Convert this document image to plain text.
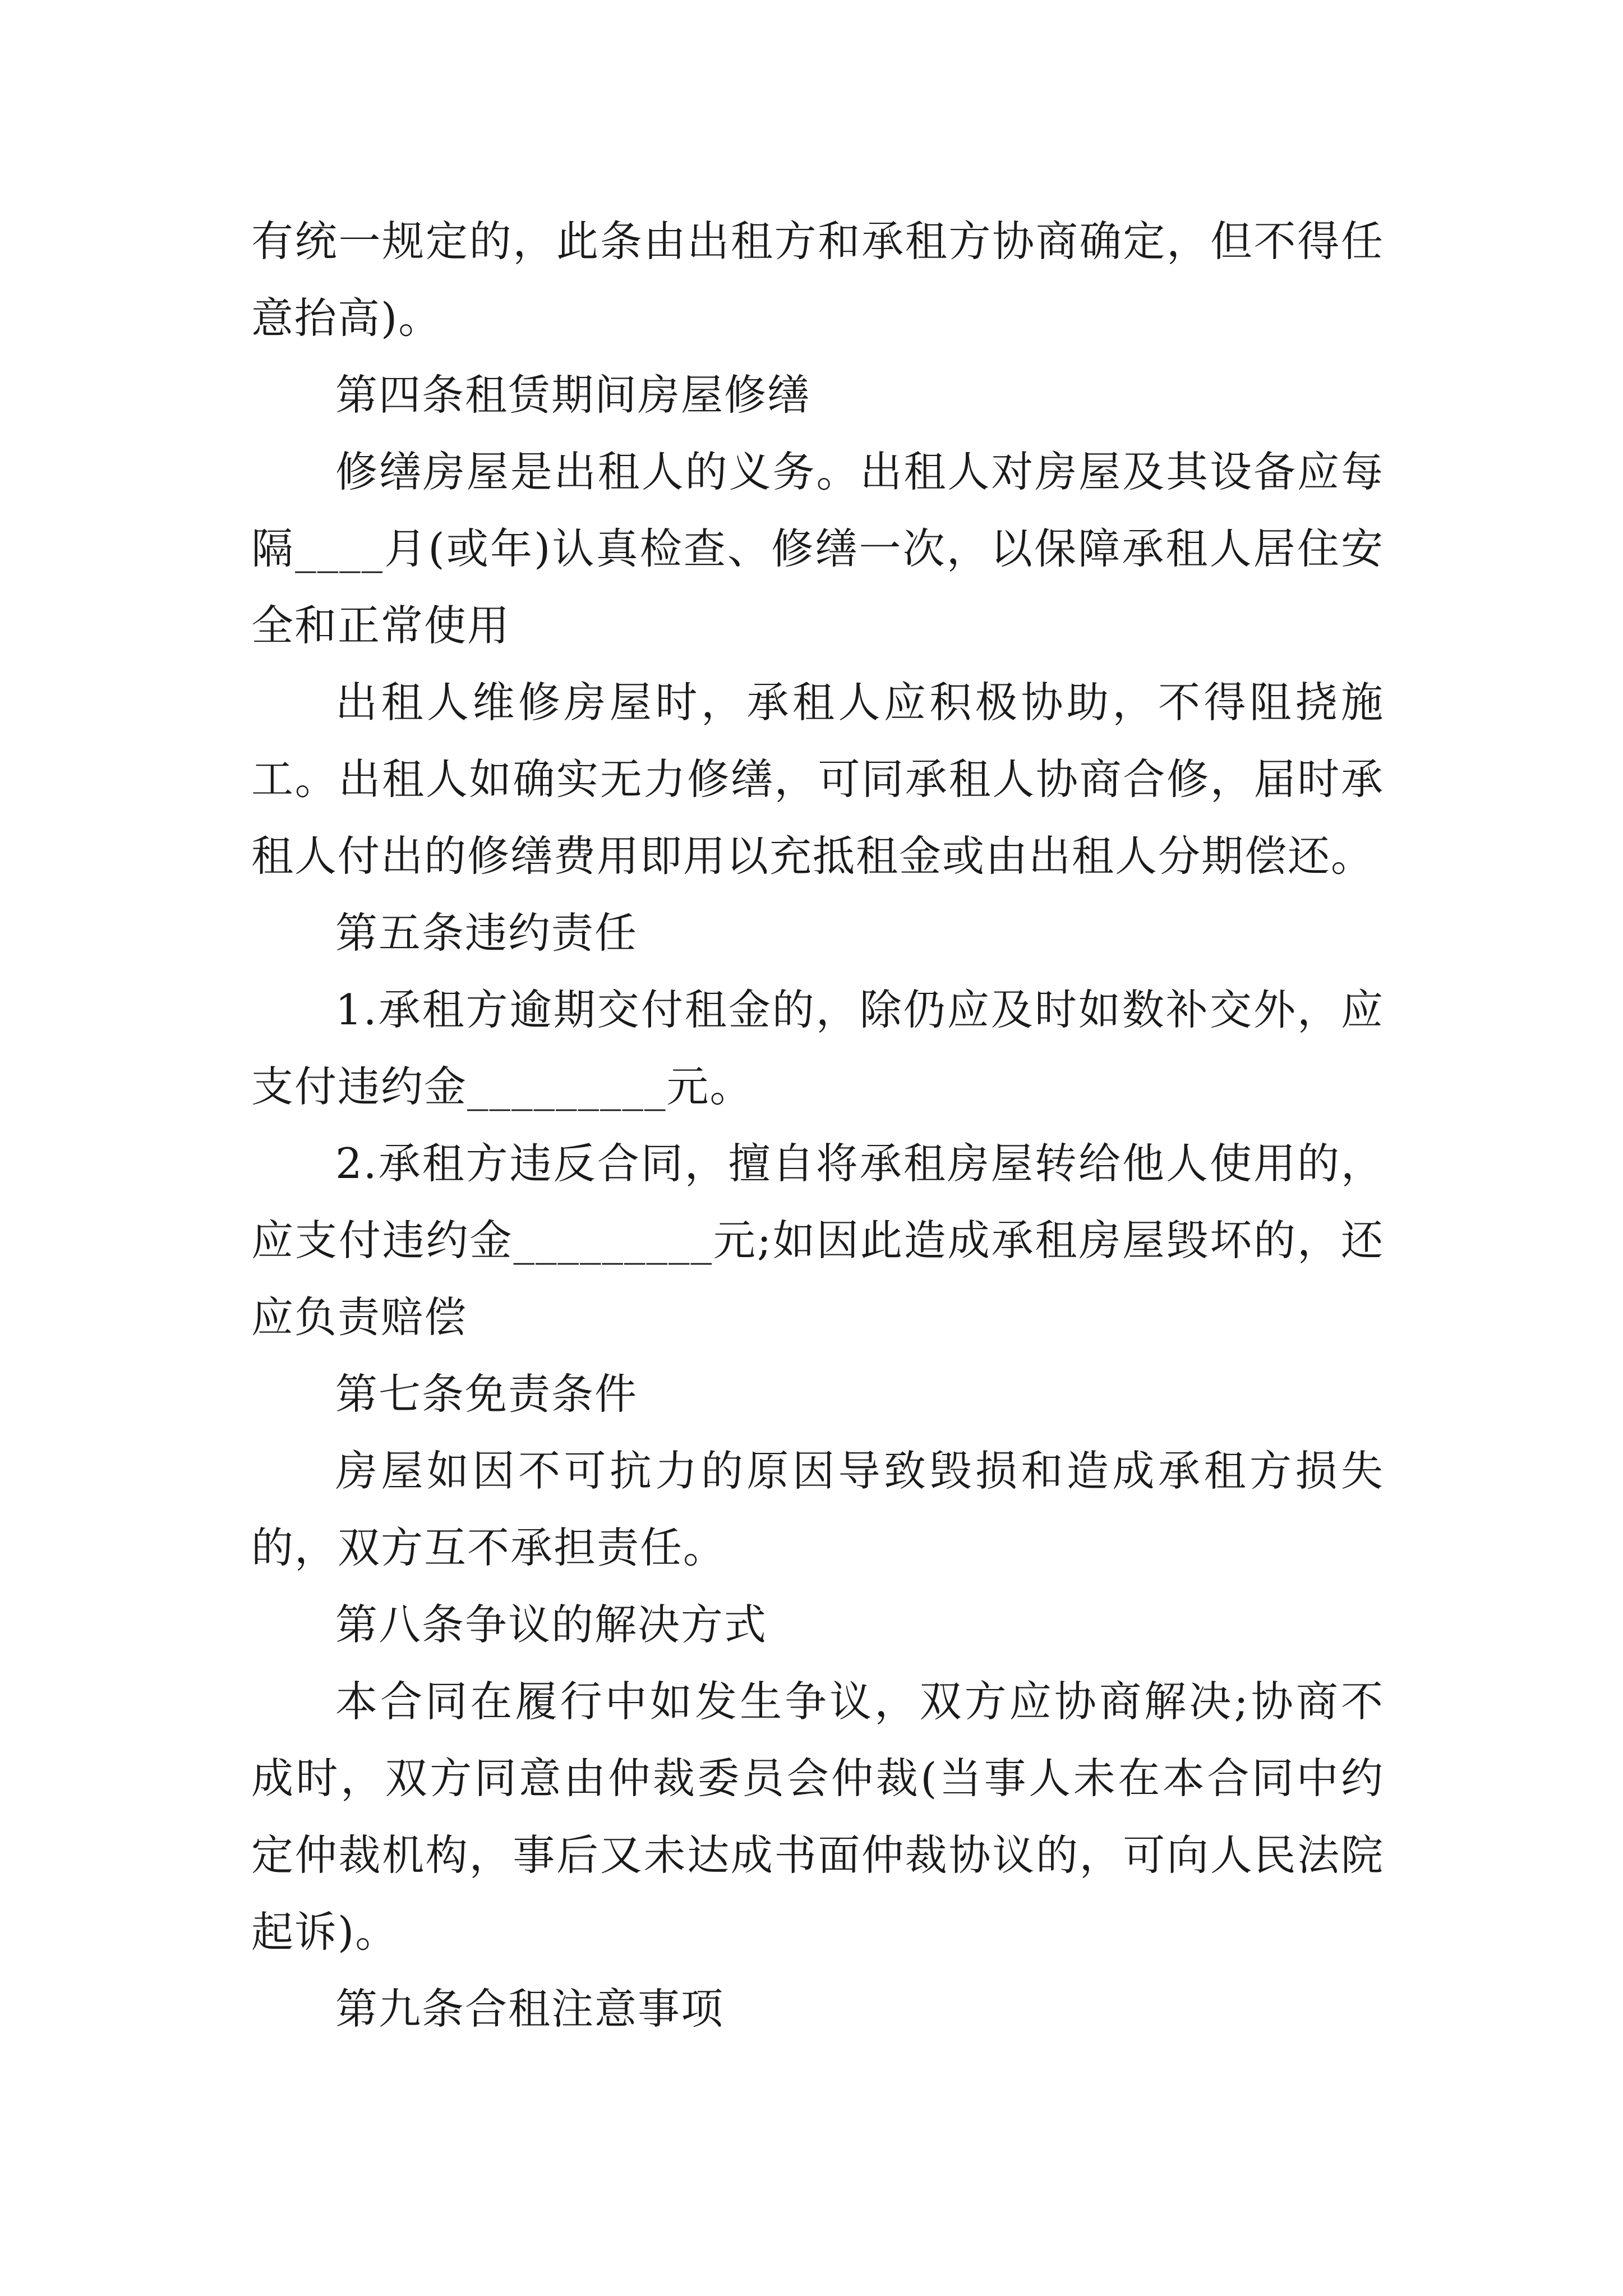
有统一规定的，此条由出租方和承租方协商确定，但不得任意抬高)。

第四条租赁期间房屋修缮

修缮房屋是出租人的义务。出租人对房屋及其设备应每隔____月(或年)认真检查、修缮一次，以保障承租人居住安全和正常使用

出租人维修房屋时，承租人应积极协助，不得阻挠施工。出租人如确实无力修缮，可同承租人协商合修，届时承租人付出的修缮费用即用以充抵租金或由出租人分期偿还。

第五条违约责任

1.承租方逾期交付租金的，除仍应及时如数补交外，应支付违约金_________元。

2.承租方违反合同，擅自将承租房屋转给他人使用的，应支付违约金_________元;如因此造成承租房屋毁坏的，还应负责赔偿

第七条免责条件

房屋如因不可抗力的原因导致毁损和造成承租方损失的，双方互不承担责任。

第八条争议的解决方式

本合同在履行中如发生争议，双方应协商解决;协商不成时，双方同意由仲裁委员会仲裁(当事人未在本合同中约定仲裁机构，事后又未达成书面仲裁协议的，可向人民法院起诉)。

第九条合租注意事项
